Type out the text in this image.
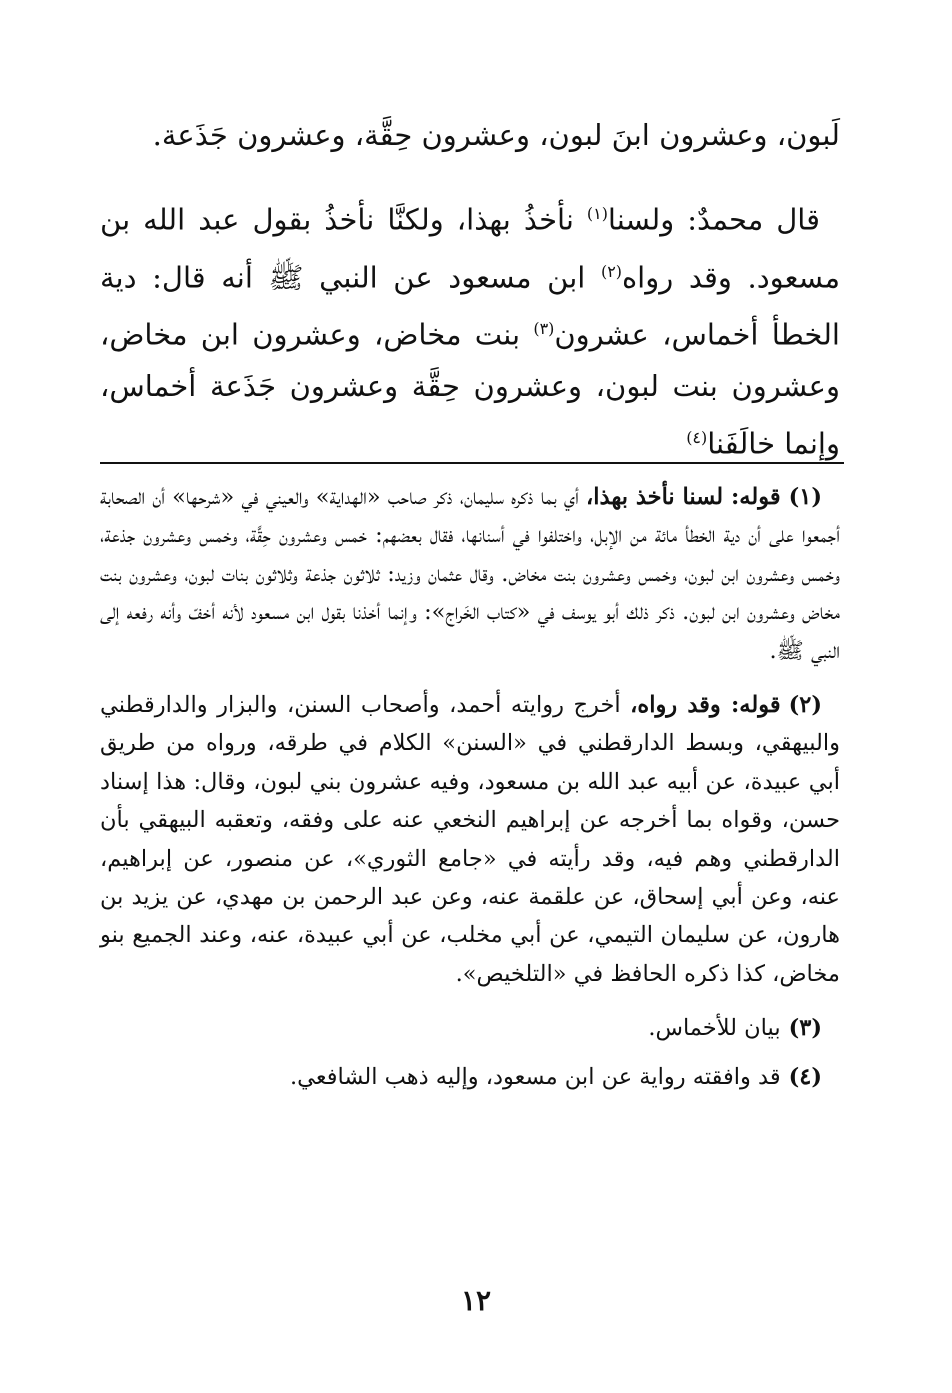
لَبون، وعشرون ابنَ لبون، وعشرون حِقَّة، وعشرون جَذَعة.

قال محمدٌ: ولسنا$^{(١)}$ نأخذُ بهذا، ولكنَّا نأخذُ بقول عبد الله بن مسعود. وقد رواه$^{(٢)}$ ابن مسعود عن النبي ﷺ أنه قال: دية الخطأ أخماس، عشرون$^{(٣)}$ بنت مخاض، وعشرون ابن مخاض، وعشرون بنت لبون، وعشرون حِقَّة وعشرون جَذَعة أخماس، وإنما خالَفَنا$^{(٤)}$

(١)قوله: لسنا نأخذ بهذا، أي بما ذكره سليمان، ذكر صاحب «الهداية» والعيني في «شرحها» أن الصحابة أجمعوا على أن دية الخطأ مائة من الإبل، واختلفوا في أسنانها، فقال بعضهم: خمس وعشرون حِقَّة، وخمس وعشرون جذعة، وخمس وعشرون ابن لبون، وخمس وعشرون بنت مخاض. وقال عثمان وزيد: ثلاثون جذعة وثلاثون بنات لبون، وعشرون بنت مخاض وعشرون ابن لبون. ذكر ذلك أبو يوسف في «كتاب الخَراج»: وإنما أخذنا بقول ابن مسعود لأنه أخفّ وأنه رفعه إلى النبي ﷺ.

(٢)قوله: وقد رواه، أخرج روايته أحمد، وأصحاب السنن، والبزار والدارقطني والبيهقي، وبسط الدارقطني في «السنن» الكلام في طرقه، ورواه من طريق أبي عبيدة، عن أبيه عبد الله بن مسعود، وفيه عشرون بني لبون، وقال: هذا إسناد حسن، وقواه بما أخرجه عن إبراهيم النخعي عنه على وفقه، وتعقبه البيهقي بأن الدارقطني وهم فيه، وقد رأيته في «جامع الثوري»، عن منصور، عن إبراهيم، عنه، وعن أبي إسحاق، عن علقمة عنه، وعن عبد الرحمن بن مهدي، عن يزيد بن هارون، عن سليمان التيمي، عن أبي مخلب، عن أبي عبيدة، عنه، وعند الجميع بنو مخاض، كذا ذكره الحافظ في «التلخيص».

(٣)بيان للأخماس.

(٤)قد وافقته رواية عن ابن مسعود، وإليه ذهب الشافعي.

١٢
